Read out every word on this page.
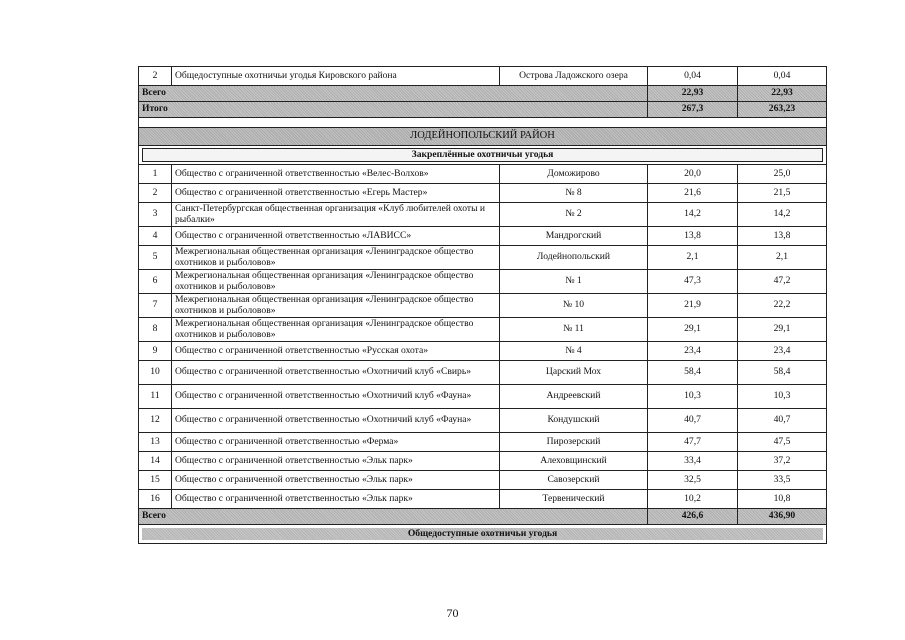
2	Общедоступные охотничьи угодья Кировского района	Острова Ладожского озера	0,04	0,04
Всего			22,93	22,93
Итого			267,3	263,23

ЛОДЕЙНОПОЛЬСКИЙ РАЙОН				

Закреплённые охотничьи угодья				

1	Общество с ограниченной ответственностью «Велес-Волхов»	Доможирово	20,0	25,0
2	Общество с ограниченной ответственностью «Егерь Мастер»	№ 8	21,6	21,5
3	Санкт-Петербургская общественная организация «Клуб любителей охоты и рыбалки»	№ 2	14,2	14,2
4	Общество с ограниченной ответственностью «ЛАВИСС»	Мандрогский	13,8	13,8
5	Межрегиональная общественная организация «Ленинградское общество охотников и рыболовов»	Лодейнопольский	2,1	2,1
6	Межрегиональная общественная организация «Ленинградское общество охотников и рыболовов»	№ 1	47,3	47,2
7	Межрегиональная общественная организация «Ленинградское общество охотников и рыболовов»	№ 10	21,9	22,2
8	Межрегиональная общественная организация «Ленинградское общество охотников и рыболовов»	№ 11	29,1	29,1
9	Общество с ограниченной ответственностью «Русская охота»	№ 4	23,4	23,4
10	Общество с ограниченной ответственностью «Охотничий клуб «Свирь»	Царский Мох	58,4	58,4
11	Общество с ограниченной ответственностью «Охотничий клуб «Фауна»	Андреевский	10,3	10,3
12	Общество с ограниченной ответственностью «Охотничий клуб «Фауна»	Кондушский	40,7	40,7
13	Общество с ограниченной ответственностью «Ферма»	Пирозерский	47,7	47,5
14	Общество с ограниченной ответственностью «Эльк парк»	Алеховщинский	33,4	37,2
15	Общество с ограниченной ответственностью «Эльк парк»	Савозерский	32,5	33,5
16	Общество с ограниченной ответственностью «Эльк парк»	Тервенический	10,2	10,8
Всего			426,6	436,90

Общедоступные охотничьи угодья				
70
